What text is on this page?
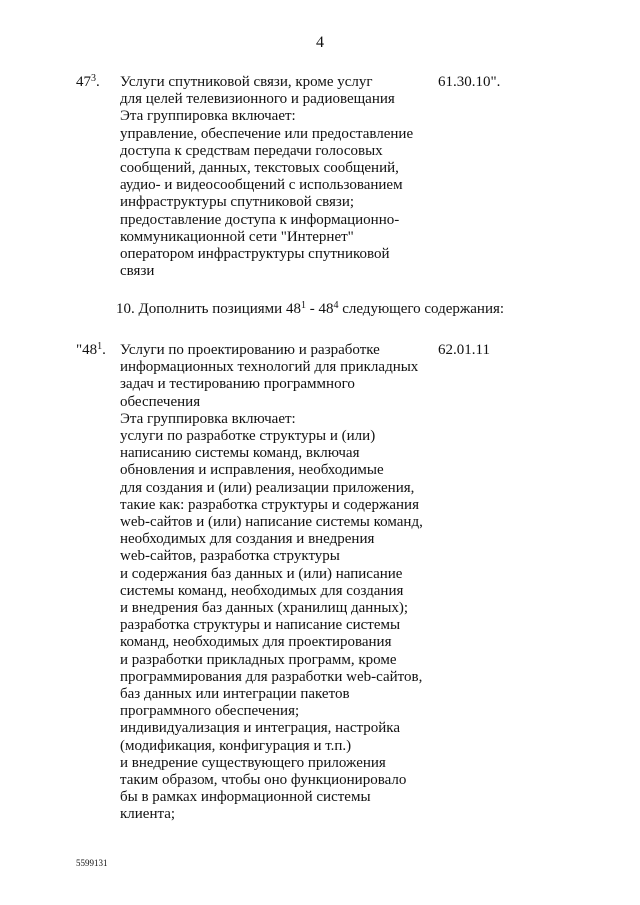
4
$47^3$. Услуги спутниковой связи, кроме услуг
для целей телевизионного и радиовещания
Эта группировка включает:
управление, обеспечение или предоставление
доступа к средствам передачи голосовых
сообщений, данных, текстовых сообщений,
аудио- и видеосообщений с использованием
инфраструктуры спутниковой связи;
предоставление доступа к информационно-
коммуникационной сети "Интернет"
оператором инфраструктуры спутниковой
связи
61.30.10".
10. Дополнить позициями $48^1 - 48^4$ следующего содержания:
"$48^1$. Услуги по проектированию и разработке
информационных технологий для прикладных
задач и тестированию программного
обеспечения
Эта группировка включает:
услуги по разработке структуры и (или)
написанию системы команд, включая
обновления и исправления, необходимые
для создания и (или) реализации приложения,
такие как: разработка структуры и содержания
web-сайтов и (или) написание системы команд,
необходимых для создания и внедрения
web-сайтов, разработка структуры
и содержания баз данных и (или) написание
системы команд, необходимых для создания
и внедрения баз данных (хранилищ данных);
разработка структуры и написание системы
команд, необходимых для проектирования
и разработки прикладных программ, кроме
программирования для разработки web-сайтов,
баз данных или интеграции пакетов
программного обеспечения;
индивидуализация и интеграция, настройка
(модификация, конфигурация и т.п.)
и внедрение существующего приложения
таким образом, чтобы оно функционировало
бы в рамках информационной системы
клиента;
62.01.11
5599131
